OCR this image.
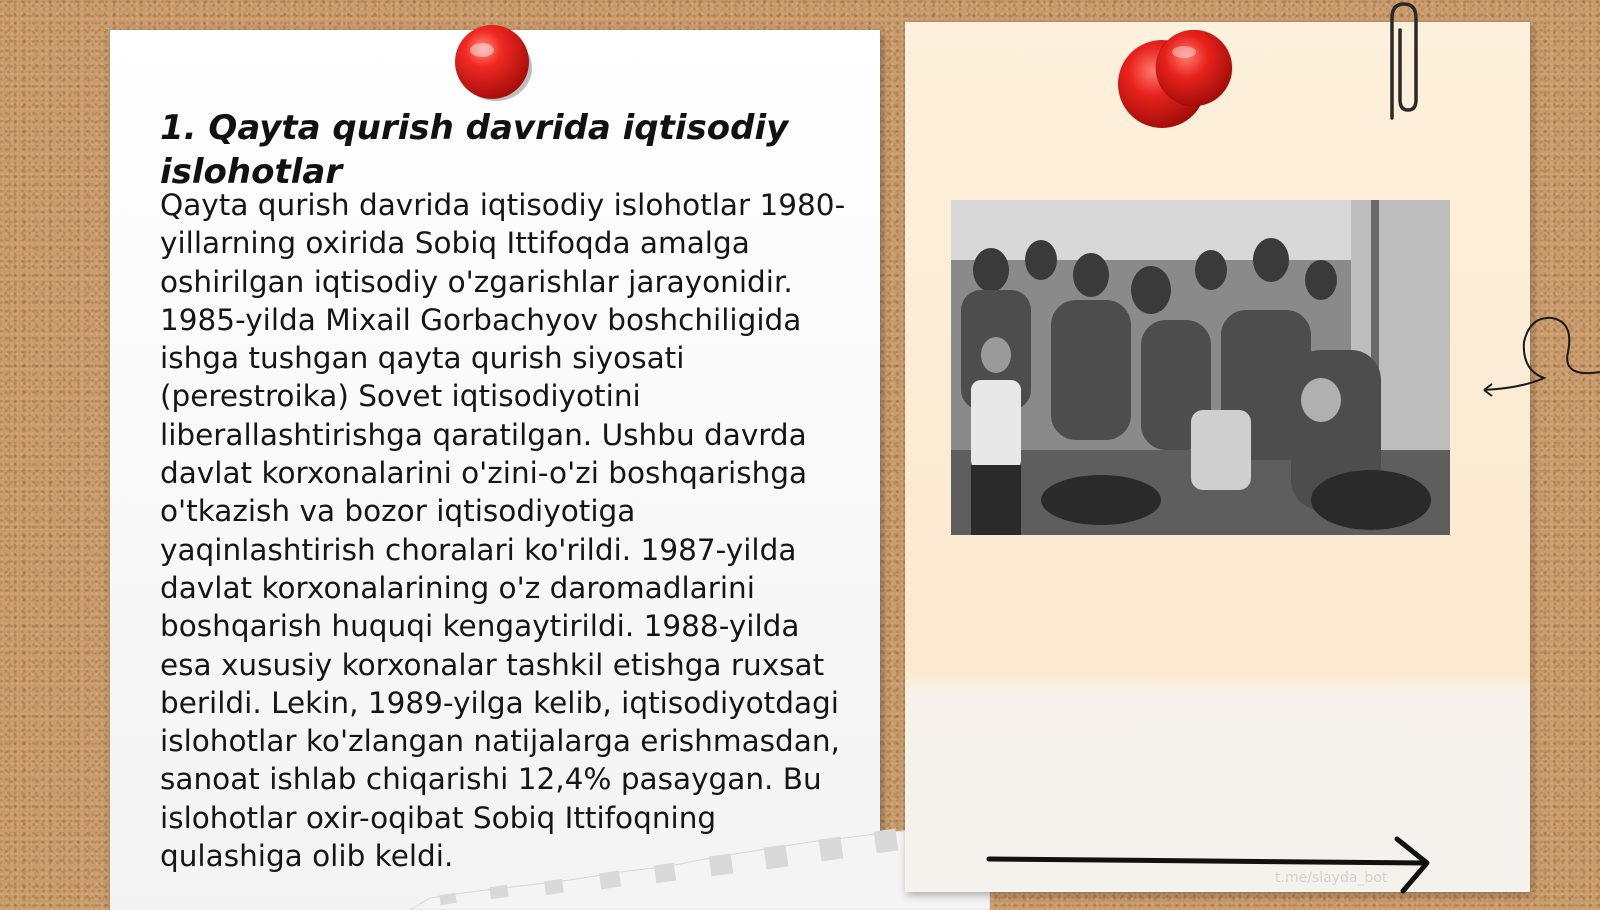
1. Qayta qurish davrida iqtisodiy islohotlar

Qayta qurish davrida iqtisodiy islohotlar 1980-yillarning oxirida Sobiq Ittifoqda amalga oshirilgan iqtisodiy o'zgarishlar jarayonidir. 1985-yilda Mixail Gorbachyov boshchiligida ishga tushgan qayta qurish siyosati (perestroika) Sovet iqtisodiyotini liberallashtirishga qaratilgan. Ushbu davrda davlat korxonalarini o'zini-o'zi boshqarishga o'tkazish va bozor iqtisodiyotiga yaqinlashtirish choralari ko'rildi. 1987-yilda davlat korxonalarining o'z daromadlarini boshqarish huquqi kengaytirildi. 1988-yilda esa xususiy korxonalar tashkil etishga ruxsat berildi. Lekin, 1989-yilga kelib, iqtisodiyotdagi islohotlar ko'zlangan natijalarga erishmasdan, sanoat ishlab chiqarishi 12,4% pasaygan. Bu islohotlar oxir-oqibat Sobiq Ittifoqning qulashiga olib keldi.

t.me/slayda_bot
